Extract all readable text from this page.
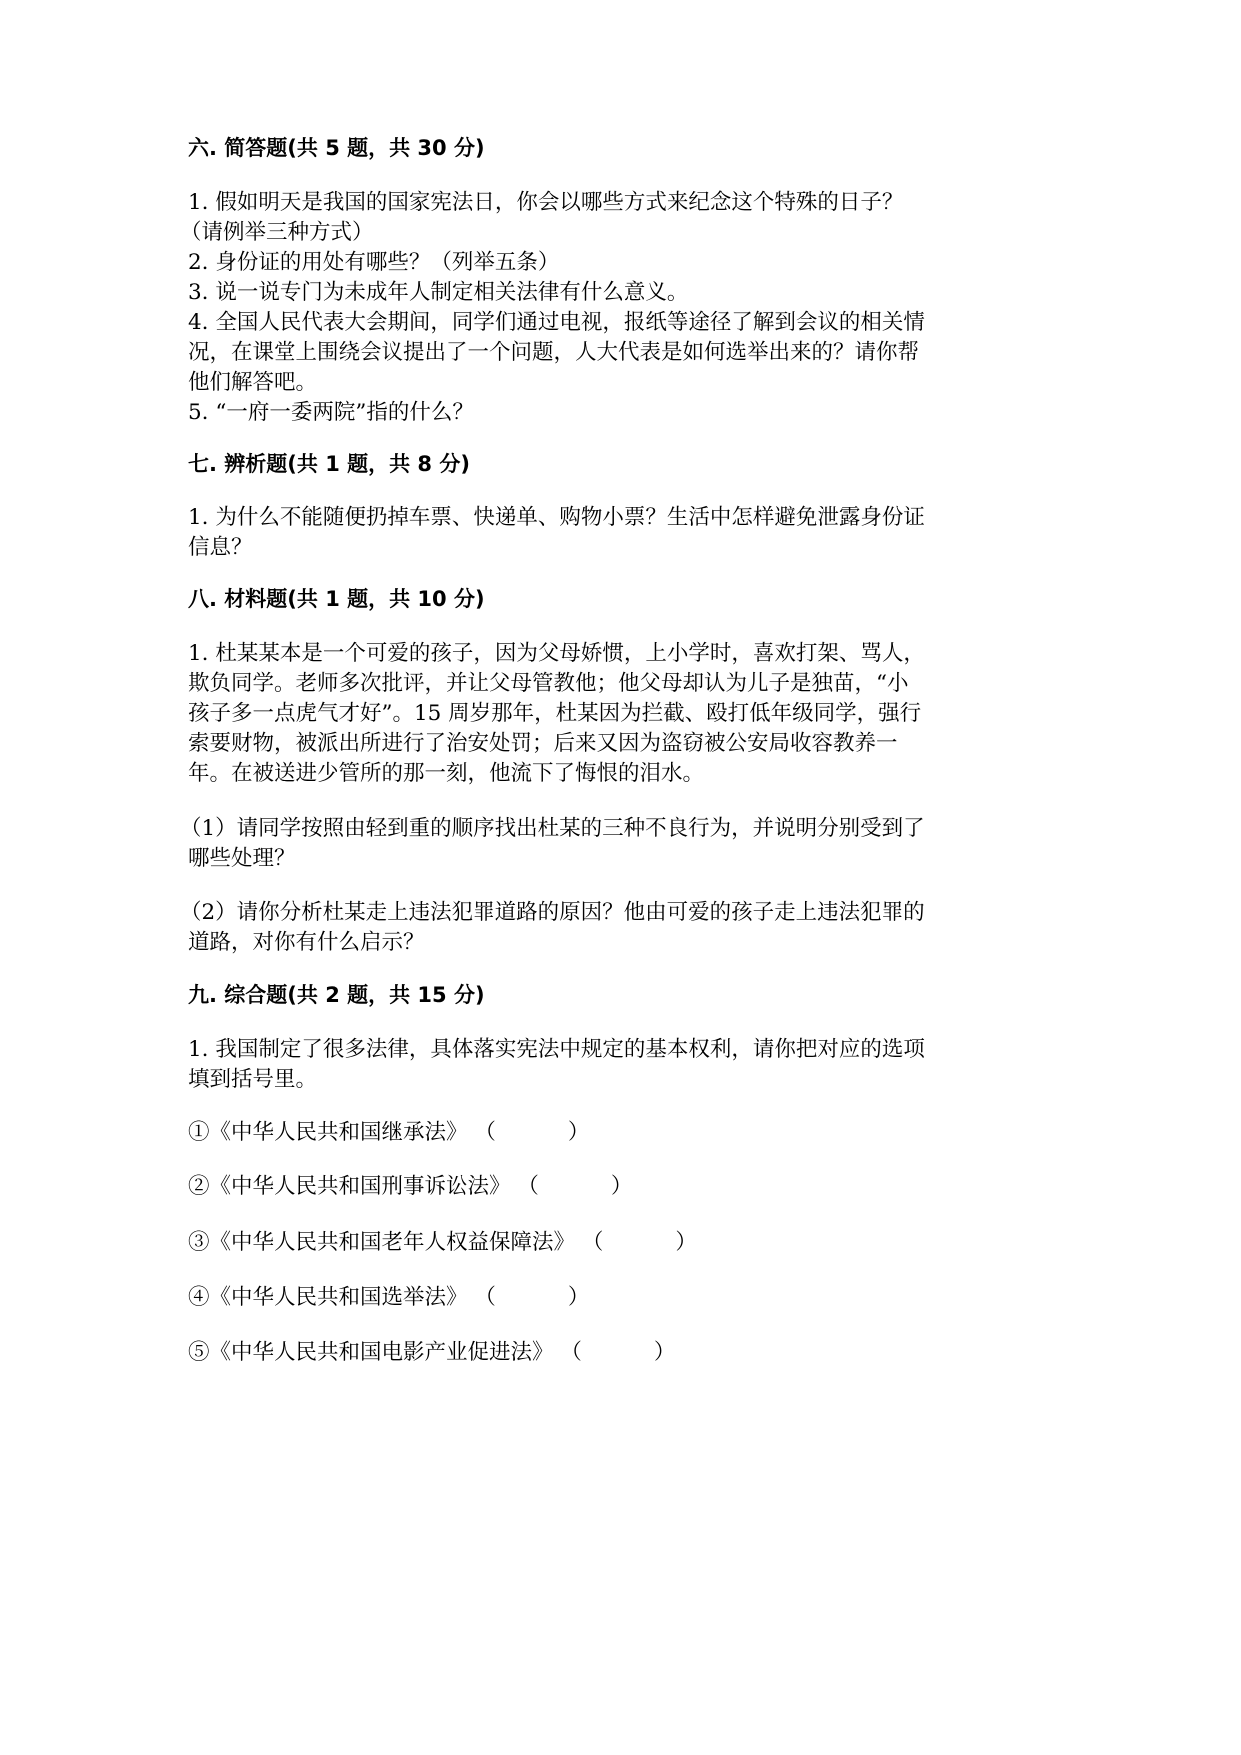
六. 简答题(共 5 题，共 30 分)
1. 假如明天是我国的国家宪法日，你会以哪些方式来纪念这个特殊的日子？
（请例举三种方式）
2. 身份证的用处有哪些？（列举五条）
3. 说一说专门为未成年人制定相关法律有什么意义。
4. 全国人民代表大会期间，同学们通过电视，报纸等途径了解到会议的相关情
况，在课堂上围绕会议提出了一个问题，人大代表是如何选举出来的？请你帮
他们解答吧。
5. “一府一委两院”指的什么？
七. 辨析题(共 1 题，共 8 分)
1. 为什么不能随便扔掉车票、快递单、购物小票？生活中怎样避免泄露身份证
信息？
八. 材料题(共 1 题，共 10 分)
1. 杜某某本是一个可爱的孩子，因为父母娇惯，上小学时，喜欢打架、骂人，
欺负同学。老师多次批评，并让父母管教他；他父母却认为儿子是独苗，“小
孩子多一点虎气才好”。15 周岁那年，杜某因为拦截、殴打低年级同学，强行
索要财物，被派出所进行了治安处罚；后来又因为盗窃被公安局收容教养一
年。在被送进少管所的那一刻，他流下了悔恨的泪水。
（1）请同学按照由轻到重的顺序找出杜某的三种不良行为，并说明分别受到了
哪些处理？
（2）请你分析杜某走上违法犯罪道路的原因？他由可爱的孩子走上违法犯罪的
道路，对你有什么启示？
九. 综合题(共 2 题，共 15 分)
1. 我国制定了很多法律，具体落实宪法中规定的基本权利，请你把对应的选项
填到括号里。
①《中华人民共和国继承法》 （	）
②《中华人民共和国刑事诉讼法》 （	）
③《中华人民共和国老年人权益保障法》 （	）
④《中华人民共和国选举法》 （	）
⑤《中华人民共和国电影产业促进法》 （	）
